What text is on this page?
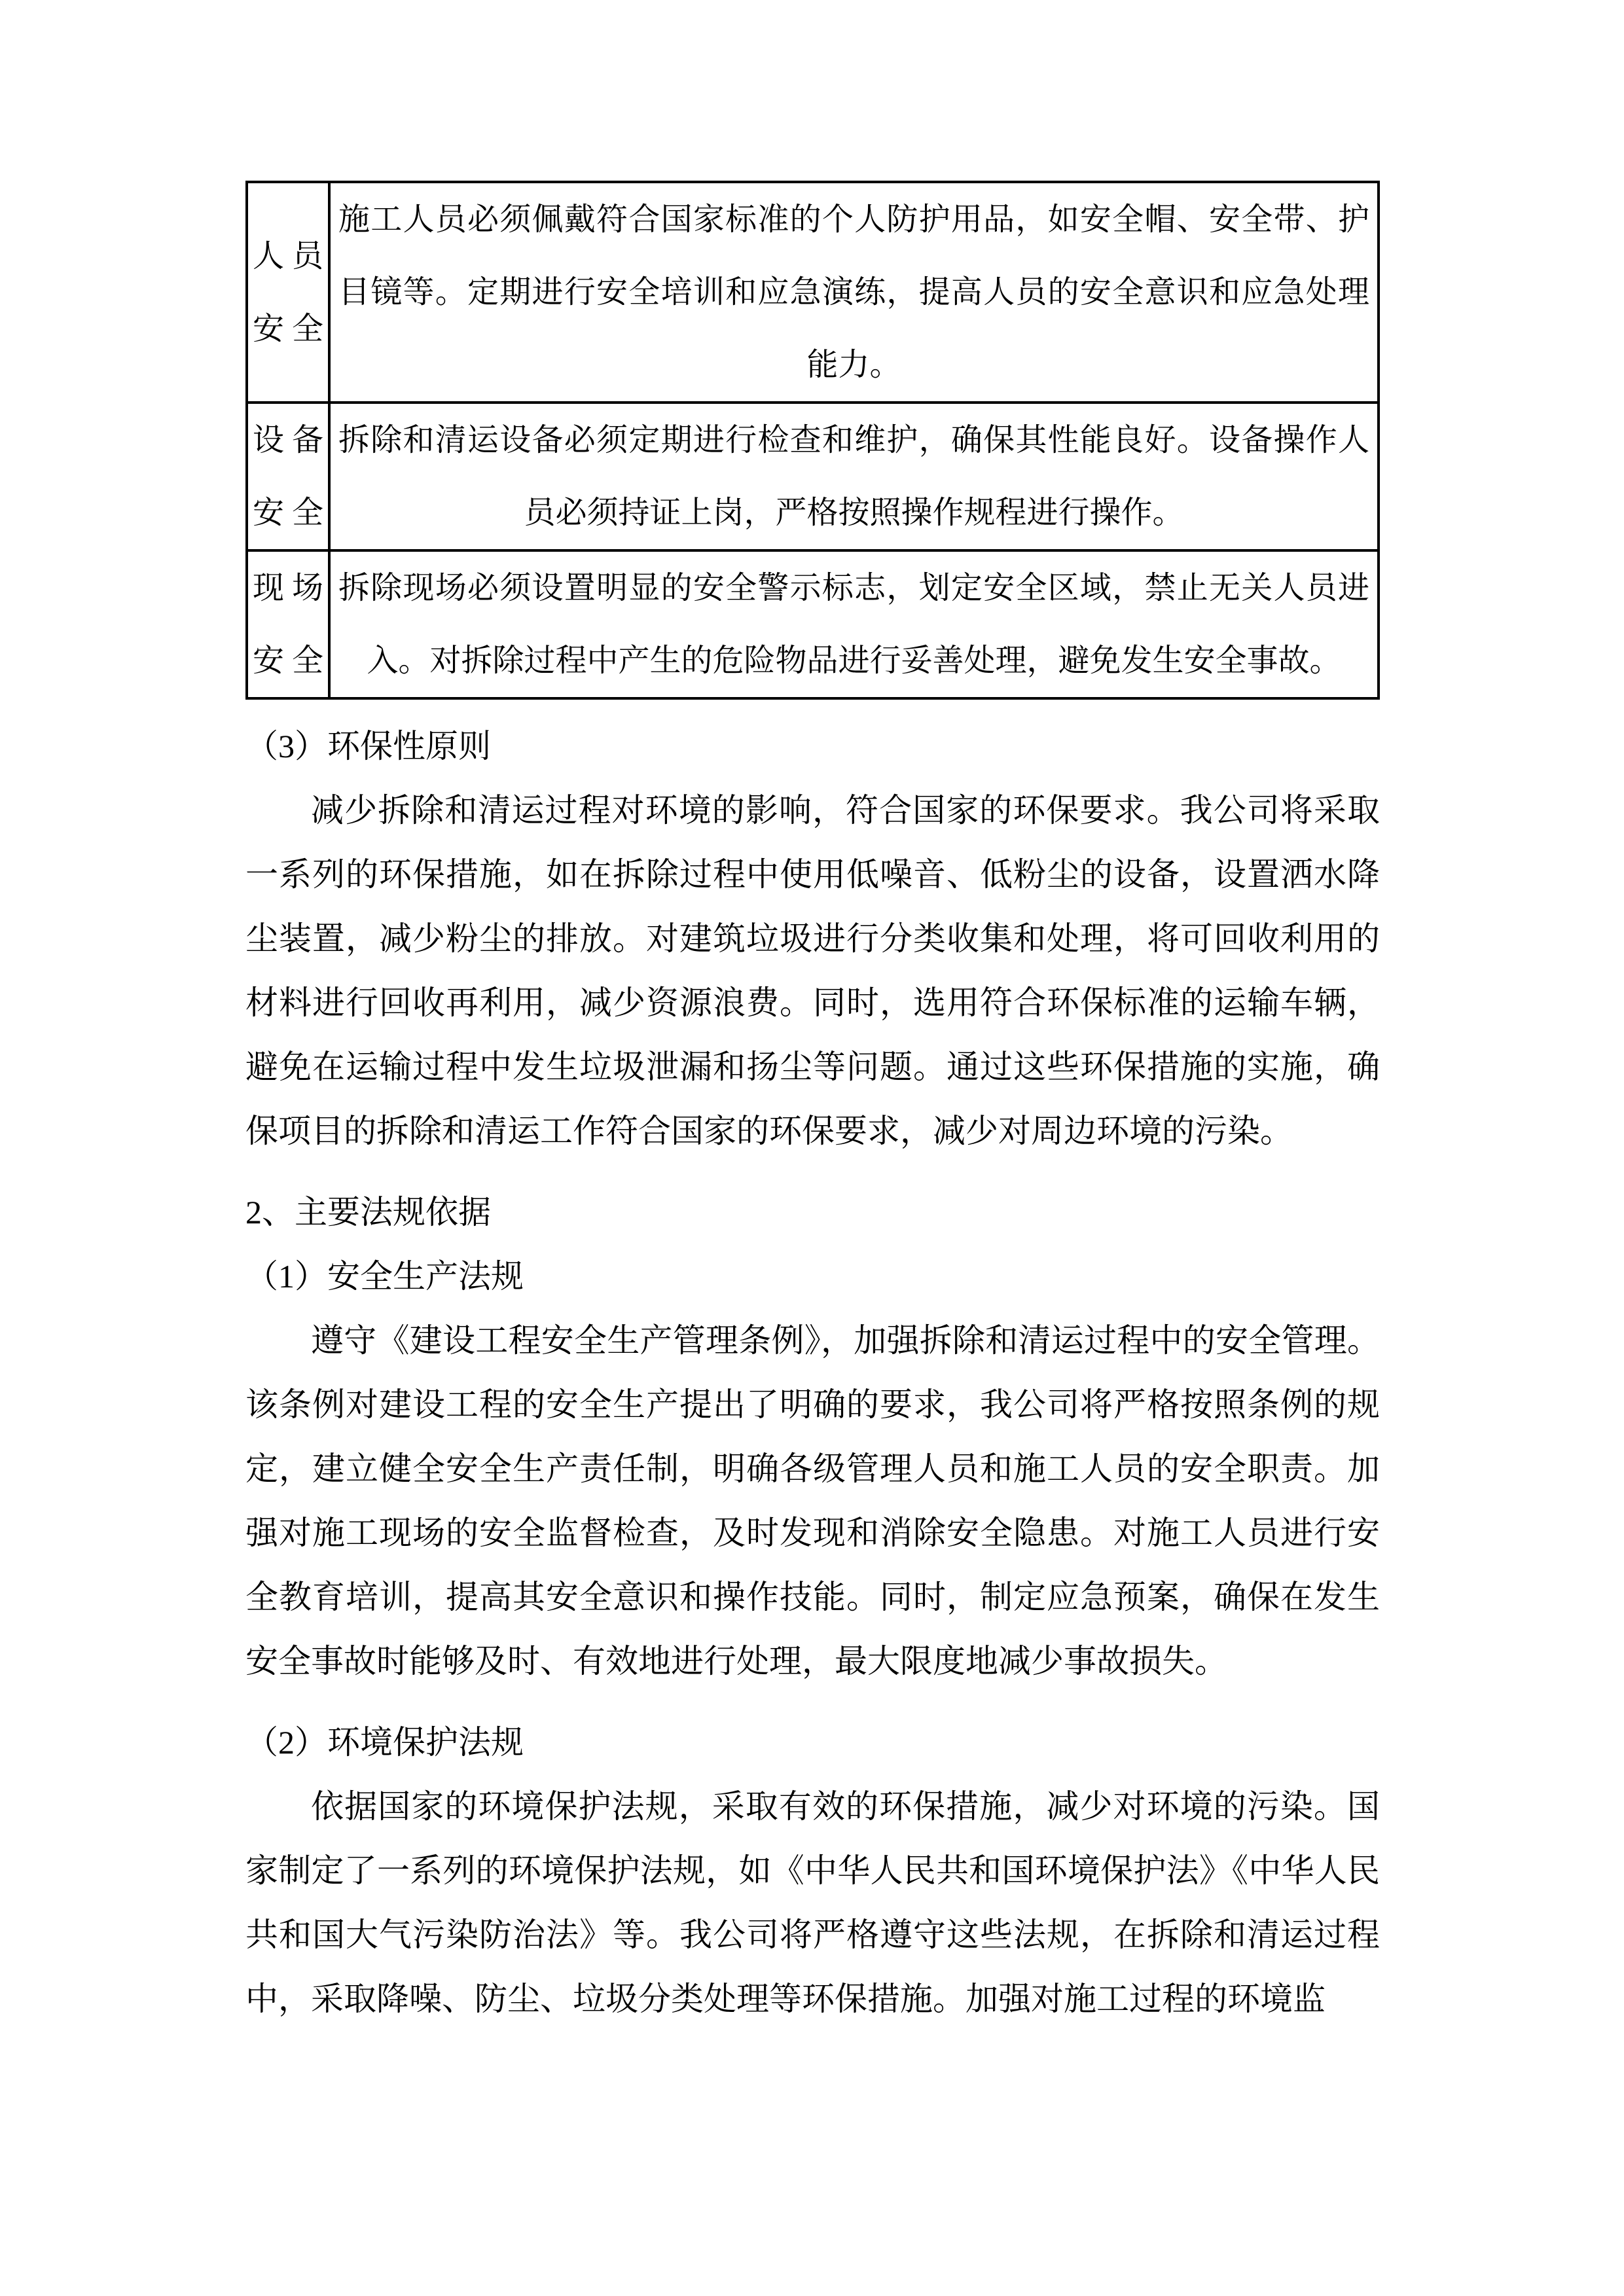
人 员
安 全	施工人员必须佩戴符合国家标准的个人防护用品，如安全帽、安全带、护目镜等。定期进行安全培训和应急演练，提高人员的安全意识和应急处理能力。

设 备
安 全	拆除和清运设备必须定期进行检查和维护，确保其性能良好。设备操作人员必须持证上岗，严格按照操作规程进行操作。

现 场
安 全	拆除现场必须设置明显的安全警示标志，划定安全区域，禁止无关人员进入。对拆除过程中产生的危险物品进行妥善处理，避免发生安全事故。

（3）环保性原则

减少拆除和清运过程对环境的影响，符合国家的环保要求。我公司将采取一系列的环保措施，如在拆除过程中使用低噪音、低粉尘的设备，设置洒水降尘装置，减少粉尘的排放。对建筑垃圾进行分类收集和处理，将可回收利用的材料进行回收再利用，减少资源浪费。同时，选用符合环保标准的运输车辆，避免在运输过程中发生垃圾泄漏和扬尘等问题。通过这些环保措施的实施，确保项目的拆除和清运工作符合国家的环保要求，减少对周边环境的污染。

2、主要法规依据

（1）安全生产法规

遵守《建设工程安全生产管理条例》，加强拆除和清运过程中的安全管理。该条例对建设工程的安全生产提出了明确的要求，我公司将严格按照条例的规定，建立健全安全生产责任制，明确各级管理人员和施工人员的安全职责。加强对施工现场的安全监督检查，及时发现和消除安全隐患。对施工人员进行安全教育培训，提高其安全意识和操作技能。同时，制定应急预案，确保在发生安全事故时能够及时、有效地进行处理，最大限度地减少事故损失。

（2）环境保护法规

依据国家的环境保护法规，采取有效的环保措施，减少对环境的污染。国家制定了一系列的环境保护法规，如《中华人民共和国环境保护法》《中华人民共和国大气污染防治法》等。我公司将严格遵守这些法规，在拆除和清运过程中，采取降噪、防尘、垃圾分类处理等环保措施。加强对施工过程的环境监
